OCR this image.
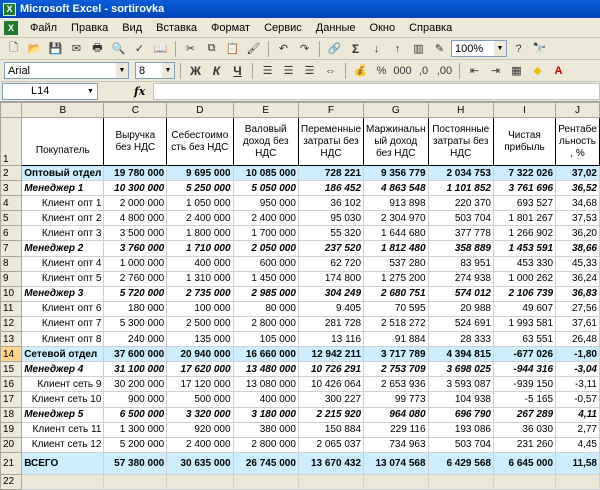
X Microsoft Excel - sortirovka
X	Файл	Правка	Вид	Вставка	Формат	Сервис	Данные	Окно	Справка
🗋 📂 💾 ✉	🖶 🔍 ✓ 📖	✂	⧉ 📋 🖌	↶	↷	🔗 Σ	↓	↑	▥	✎ 100%	▼	?	🔭
Arial	▼ 8	▼	Ж К	Ч	☰	☰	☰ ⇔	💰 % 000 ,0 ,00	⇤	⇥	▦	◆	A
L14	▼	fx
	B	C	D	E	F	G	H	I	J
1	Покупатель	Выручка без НДС	Себестоимо сть без НДС	Валовый доход без НДС	Переменные затраты без НДС	Маржинальн ый доход без НДС	Постоянные затраты без НДС	Чистая прибыль	Рентабе льность , %
2	Оптовый отдел	19 780 000	9 695 000	10 085 000	728 221	9 356 779	2 034 753	7 322 026	37,02
3	Менеджер 1	10 300 000	5 250 000	5 050 000	186 452	4 863 548	1 101 852	3 761 696	36,52
4	Клиент опт 1	2 000 000	1 050 000	950 000	36 102	913 898	220 370	693 527	34,68
5	Клиент опт 2	4 800 000	2 400 000	2 400 000	95 030	2 304 970	503 704	1 801 267	37,53
6	Клиент опт 3	3 500 000	1 800 000	1 700 000	55 320	1 644 680	377 778	1 266 902	36,20
7	Менеджер 2	3 760 000	1 710 000	2 050 000	237 520	1 812 480	358 889	1 453 591	38,66
8	Клиент опт 4	1 000 000	400 000	600 000	62 720	537 280	83 951	453 330	45,33
9	Клиент опт 5	2 760 000	1 310 000	1 450 000	174 800	1 275 200	274 938	1 000 262	36,24
10	Менеджер 3	5 720 000	2 735 000	2 985 000	304 249	2 680 751	574 012	2 106 739	36,83
11	Клиент опт 6	180 000	100 000	80 000	9 405	70 595	20 988	49 607	27,56
12	Клиент опт 7	5 300 000	2 500 000	2 800 000	281 728	2 518 272	524 691	1 993 581	37,61
13	Клиент опт 8	240 000	135 000	105 000	13 116	91 884	28 333	63 551	26,48
14	Сетевой отдел	37 600 000	20 940 000	16 660 000	12 942 211	3 717 789	4 394 815	-677 026	-1,80
15	Менеджер 4	31 100 000	17 620 000	13 480 000	10 726 291	2 753 709	3 698 025	-944 316	-3,04
16	Клиент сеть 9	30 200 000	17 120 000	13 080 000	10 426 064	2 653 936	3 593 087	-939 150	-3,11
17	Клиент сеть 10	900 000	500 000	400 000	300 227	99 773	104 938	-5 165	-0,57
18	Менеджер 5	6 500 000	3 320 000	3 180 000	2 215 920	964 080	696 790	267 289	4,11
19	Клиент сеть 11	1 300 000	920 000	380 000	150 884	229 116	193 086	36 030	2,77
20	Клиент сеть 12	5 200 000	2 400 000	2 800 000	2 065 037	734 963	503 704	231 260	4,45
21	ВСЕГО	57 380 000	30 635 000	26 745 000	13 670 432	13 074 568	6 429 568	6 645 000	11,58
22									
